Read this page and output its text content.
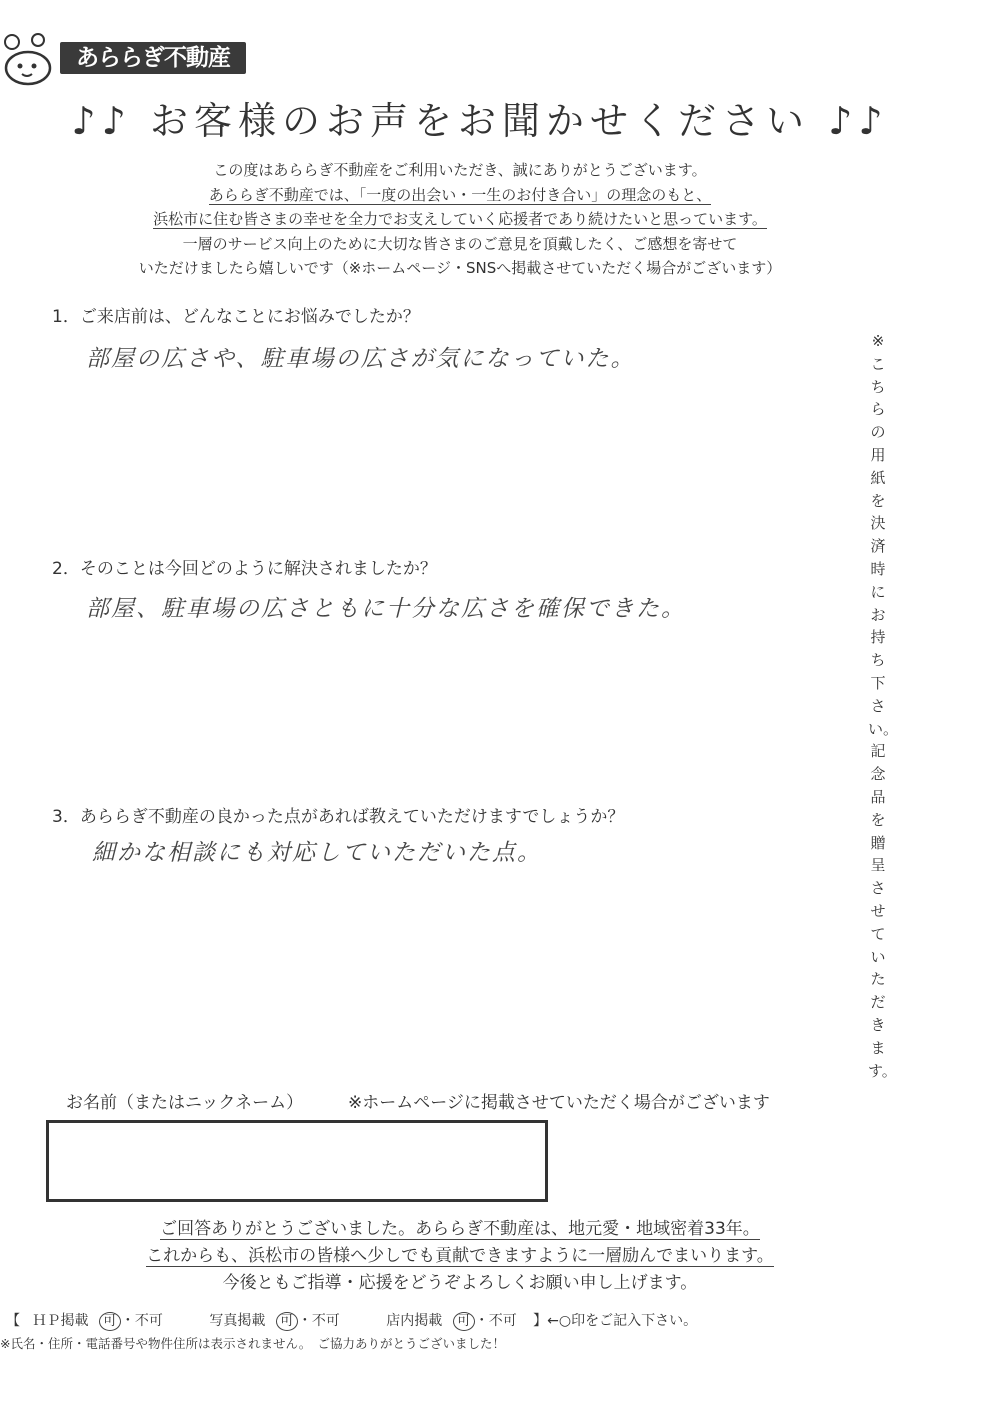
あららぎ不動産
♪♪ お客様のお声をお聞かせください ♪♪
この度はあららぎ不動産をご利用いただき、誠にありがとうございます。
あららぎ不動産では、「一度の出会い・一生のお付き合い」の理念のもと、
浜松市に住む皆さまの幸せを全力でお支えしていく応援者であり続けたいと思っています。
一層のサービス向上のために大切な皆さまのご意見を頂戴したく、ご感想を寄せて
いただけましたら嬉しいです（※ホームページ・SNSへ掲載させていただく場合がございます）
1．ご来店前は、どんなことにお悩みでしたか？
部屋の広さや、駐車場の広さが気になっていた。
2．そのことは今回どのように解決されましたか？
部屋、駐車場の広さともに十分な広さを確保できた。
3．あららぎ不動産の良かった点があれば教えていただけますでしょうか？
細かな相談にも対応していただいた点。
※こちらの用紙を決済時にお持ち下さい。記念品を贈呈させていただきます。
お名前（またはニックネーム）	※ホームページに掲載させていただく場合がございます
ご回答ありがとうございました。あららぎ不動産は、地元愛・地域密着33年。
これからも、浜松市の皆様へ少しでも貢献できますように一層励んでまいります。
今後ともご指導・応援をどうぞよろしくお願い申し上げます。
【 ＨＰ掲載 可 ・不可	写真掲載 可 ・不可	店内掲載 可 ・不可 】←○印をご記入下さい。
※氏名・住所・電話番号や物件住所は表示されません。　ご協力ありがとうございました！
